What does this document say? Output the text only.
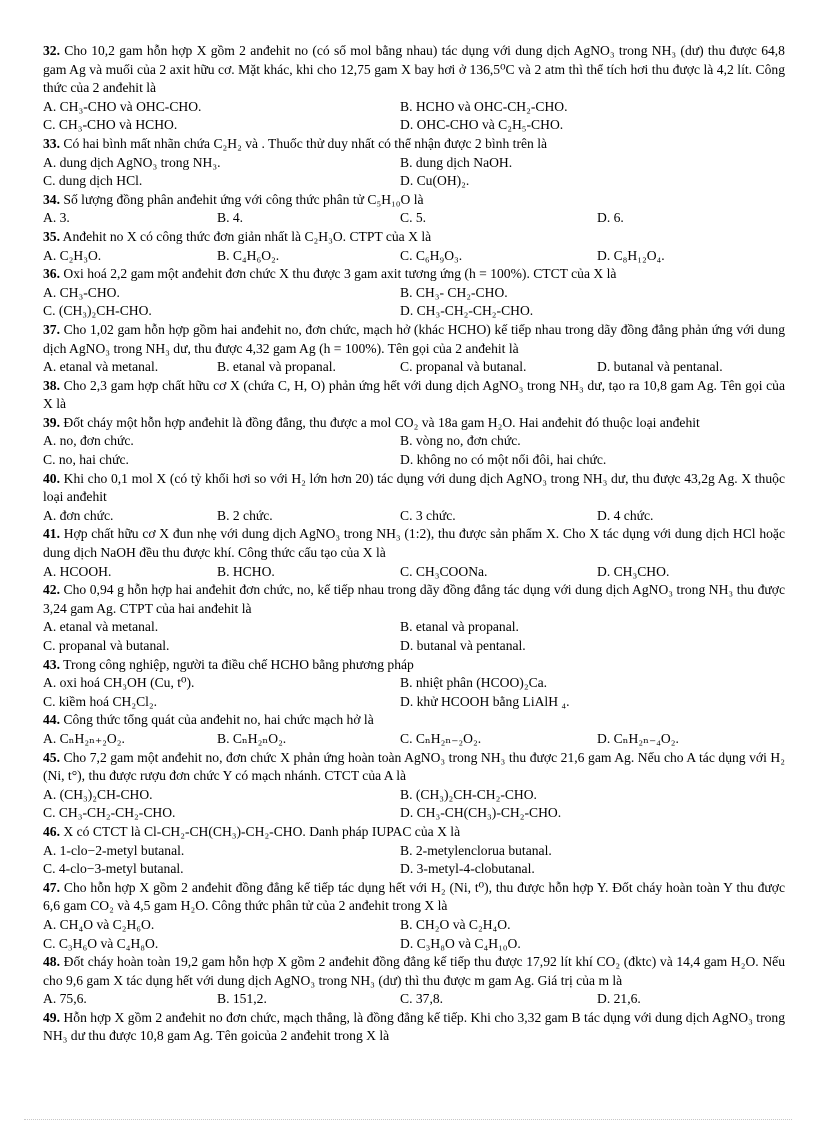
32. Cho 10,2 gam hỗn hợp X gồm 2 anđehit no (có số mol bằng nhau) tác dụng với dung dịch AgNO₃ trong NH₃ (dư) thu được 64,8 gam Ag và muối của 2 axit hữu cơ. Mặt khác, khi cho 12,75 gam X bay hơi ở 136,5⁰C và 2 atm thì thể tích hơi thu được là 4,2 lít. Công thức của 2 anđehit là
A. CH₃-CHO và OHC-CHO.	B. HCHO và OHC-CH₂-CHO.
C. CH₃-CHO và HCHO.	D. OHC-CHO và C₂H₅-CHO.
33. Có hai bình mất nhãn chứa C₂H₂ và . Thuốc thử duy nhất có thể nhận được 2 bình trên là
A. dung dịch AgNO₃ trong NH₃.	B. dung dịch NaOH.
C. dung dịch HCl.	D. Cu(OH)₂.
34. Số lượng đồng phân anđehit ứng với công thức phân tử C₅H₁₀O là
A. 3.	B. 4.	C. 5.	D. 6.
35. Anđehit no X có công thức đơn giản nhất là C₂H₃O. CTPT của X là
A. C₂H₃O.	B. C₄H₆O₂.	C. C₆H₉O₃.	D. C₈H₁₂O₄.
36. Oxi hoá 2,2 gam một anđehit đơn chức X thu được 3 gam axit tương ứng (h = 100%). CTCT của X là
A. CH₃-CHO.	B. CH₃- CH₂-CHO.
C. (CH₃)₂CH-CHO.	D. CH₃-CH₂-CH₂-CHO.
37. Cho 1,02 gam hỗn hợp gồm hai anđehit no, đơn chức, mạch hở (khác HCHO) kế tiếp nhau trong dãy đồng đẳng phản ứng với dung dịch AgNO₃ trong NH₃ dư, thu được 4,32 gam Ag (h = 100%). Tên gọi của 2 anđehit là
A. etanal và metanal.	B. etanal và propanal.	C. propanal và butanal.	D. butanal và pentanal.
38. Cho 2,3 gam hợp chất hữu cơ X (chứa C, H, O) phản ứng hết với dung dịch AgNO₃ trong NH₃ dư, tạo ra 10,8 gam Ag. Tên gọi của X là
39. Đốt cháy một hỗn hợp anđehit là đồng đẳng, thu được a mol CO₂ và 18a gam H₂O. Hai anđehit đó thuộc loại anđehit
A. no, đơn chức.	B. vòng no, đơn chức.
C. no, hai chức.	D. không no có một nối đôi, hai chức.
40. Khi cho 0,1 mol X (có tỷ khối hơi so với H₂ lớn hơn 20) tác dụng với dung dịch AgNO₃ trong NH₃ dư, thu được 43,2g Ag. X thuộc loại anđehit
A. đơn chức.	B. 2 chức.	C. 3 chức.	D. 4 chức.
41. Hợp chất hữu cơ X đun nhẹ với dung dịch AgNO₃ trong NH₃ (1:2), thu được sản phẩm X. Cho X tác dụng với dung dịch HCl hoặc dung dịch NaOH đều thu được khí. Công thức cấu tạo của X là
A. HCOOH.	B. HCHO.	C. CH₃COONa.	D. CH₃CHO.
42. Cho 0,94 g hỗn hợp hai anđehit đơn chức, no, kế tiếp nhau trong dãy đồng đẳng tác dụng với dung dịch AgNO₃ trong NH₃ thu được 3,24 gam Ag. CTPT của hai anđehit là
A. etanal và metanal.	B. etanal và propanal.
C. propanal và butanal.	D. butanal và pentanal.
43. Trong công nghiệp, người ta điều chế HCHO bằng phương pháp
A. oxi hoá CH₃OH (Cu, t⁰).	B. nhiệt phân (HCOO)₂Ca.
C. kiềm hoá CH₂Cl₂.	D. khử HCOOH bằng LiAlH ₄.
44. Công thức tổng quát của anđehit no, hai chức mạch hở là
A. CₙH₂ₙ₊₂O₂.	B. CₙH₂ₙO₂.	C. CₙH₂ₙ₋₂O₂.	D. CₙH₂ₙ₋₄O₂.
45. Cho 7,2 gam một anđehit no, đơn chức X phản ứng hoàn toàn AgNO₃ trong NH₃ thu được 21,6 gam Ag. Nếu cho A tác dụng với H₂ (Ni, t°), thu được rượu đơn chức Y có mạch nhánh. CTCT của A là
A. (CH₃)₂CH-CHO.	B. (CH₃)₂CH-CH₂-CHO.
C. CH₃-CH₂-CH₂-CHO.	D. CH₃-CH(CH₃)-CH₂-CHO.
46. X có CTCT là Cl-CH₂-CH(CH₃)-CH₂-CHO. Danh pháp IUPAC của X là
A. 1-clo−2-metyl butanal.	B. 2-metylenclorua butanal.
C. 4-clo−3-metyl butanal.	D. 3-metyl-4-clobutanal.
47. Cho hỗn hợp X gồm 2 anđehit đồng đẳng kế tiếp tác dụng hết với H₂ (Ni, t⁰), thu được hỗn hợp Y. Đốt cháy hoàn toàn Y thu được 6,6 gam CO₂ và 4,5 gam H₂O. Công thức phân tử của 2 anđehit trong X là
A. CH₄O và C₂H₆O.	B. CH₂O và C₂H₄O.
C. C₃H₆O và C₄H₈O.	D. C₃H₈O và C₄H₁₀O.
48. Đốt cháy hoàn toàn 19,2 gam hỗn hợp X gồm 2 anđehit đồng đẳng kế tiếp thu được 17,92 lít khí CO₂ (đktc) và 14,4 gam H₂O. Nếu cho 9,6 gam X tác dụng hết với dung dịch AgNO₃ trong NH₃ (dư) thì thu được m gam Ag. Giá trị của m là
A. 75,6.	B. 151,2.	C. 37,8.	D. 21,6.
49. Hỗn hợp X gồm 2 anđehit no đơn chức, mạch thẳng, là đồng đẳng kế tiếp. Khi cho 3,32 gam B tác dụng với dung dịch AgNO₃ trong NH₃ dư thu được 10,8 gam Ag. Tên goicủa 2 anđehit trong X là
